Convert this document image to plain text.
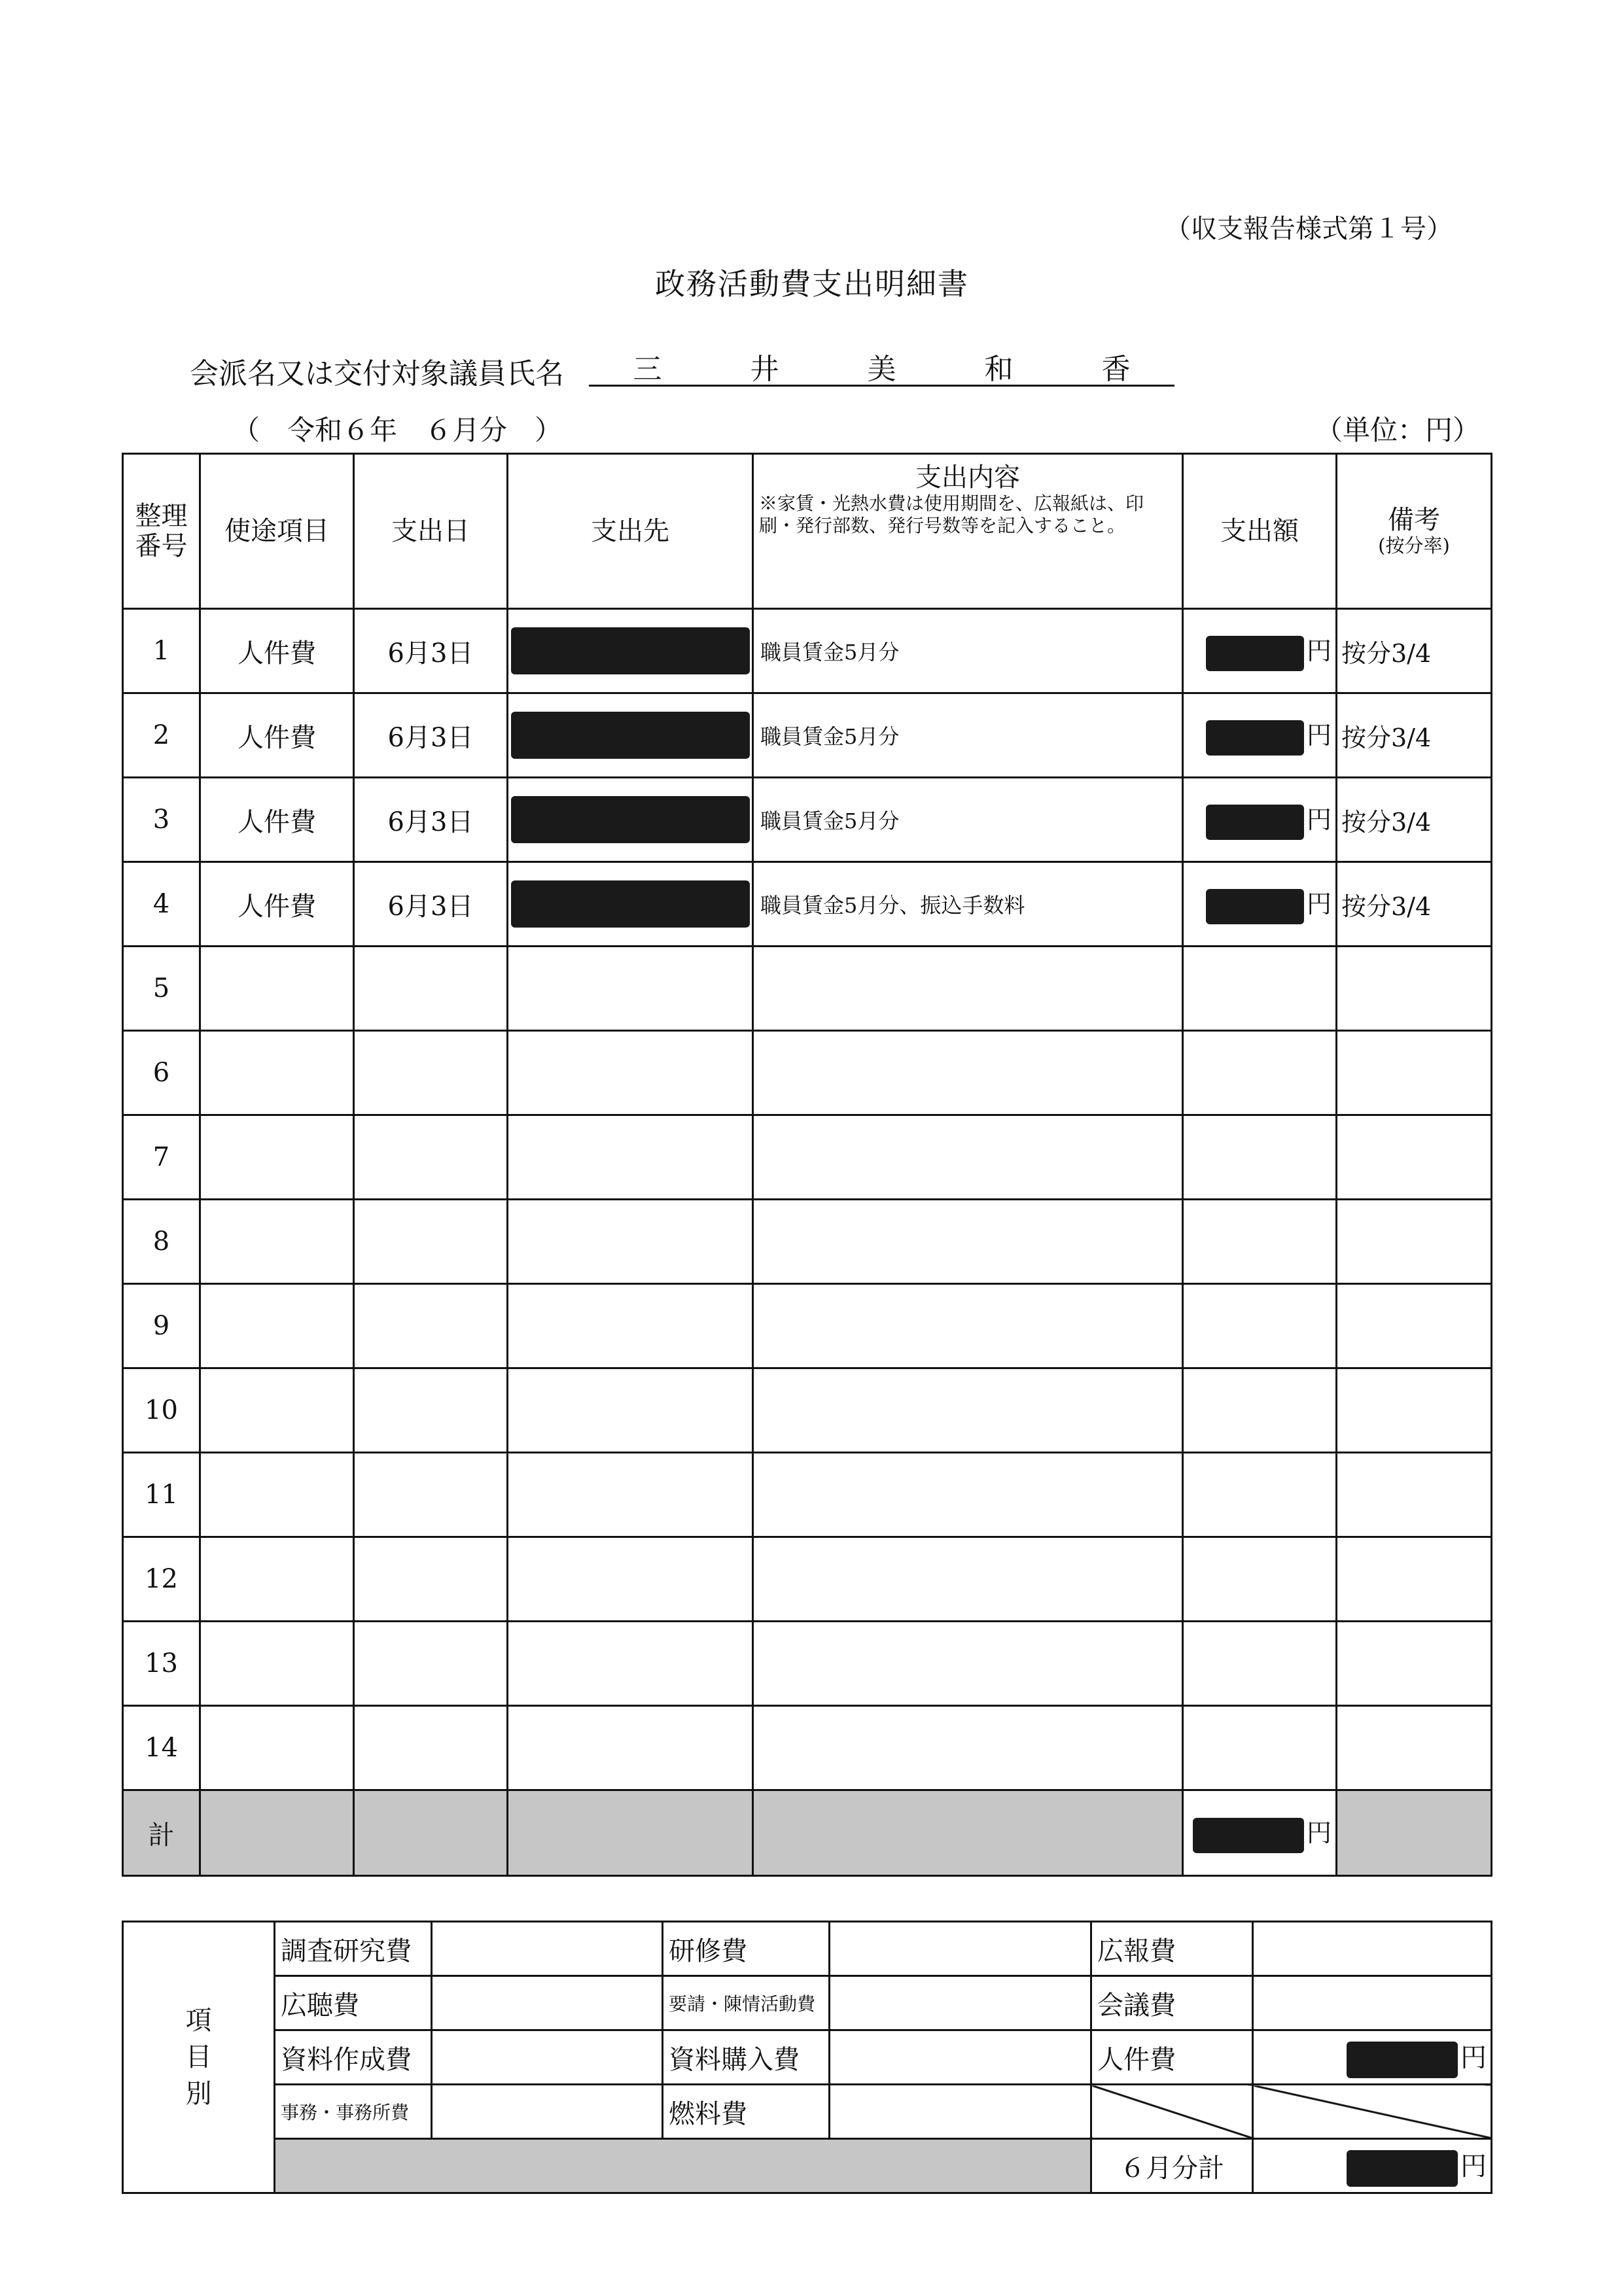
（収支報告様式第１号）
政務活動費支出明細書
会派名又は交付対象議員氏名 三	井	美	和	香
（　令和６年　６月分　）	（単位：円）
整理番号	使途項目	支出日	支出先	支出内容
※家賃・光熱水費は使用期間を、広報紙は、印刷・発行部数、発行号数等を記入すること。	支出額	備考
(按分率)

1	人件費	6月3日		職員賃金5月分	円	按分3/4
2	人件費	6月3日		職員賃金5月分	円	按分3/4
3	人件費	6月3日		職員賃金5月分	円	按分3/4
4	人件費	6月3日		職員賃金5月分、振込手数料	円	按分3/4
5						
6						
7						
8						
9						
10						
11						
12						
13						
14						
計					円	
項
目
別	調査研究費		研修費		広報費	
	広聴費		要請・陳情活動費		会議費	
	資料作成費		資料購入費		人件費	円
	事務・事務所費		燃料費			
					６月分計	円
